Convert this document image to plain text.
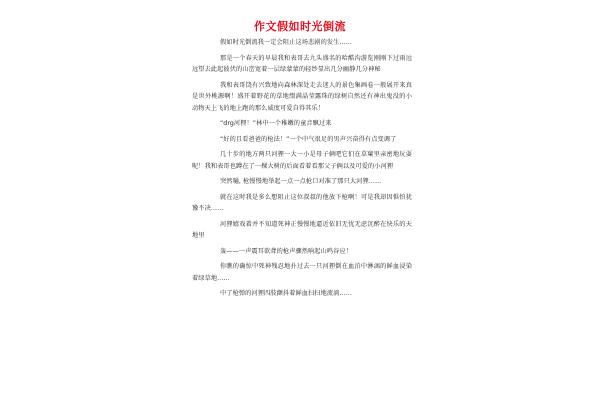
作文假如时光倒流

假如时光倒流我一定会阻止这场悲剧的发生……

那是一个春天的早晨我和表哥去九头盛名的哈酷沟游览刚刚下过雨远远望去此起彼伏的山峦宽着一层绿蒙蒙的轻纱显出几分幽静几分神秘

我和表哥饶有兴致地向森林深处走去迷人的景色集画卷一般展开来真是世外桃源啊！盛开着野花的草地缀满晶莹露珠的绿树自然还有神出鬼没的小动物天上飞的地上跑的那么威度可爱自得其乐！

“drg河狸！”林中一个稚嫩的童音飘过来

“好的且看爸爸的枪法！”一个中气很足的男声兴奋得有点变调了

几十步的地方两只河狸一大一小是母子俩吧它们在草窠里亲密地玩耍呢！我和表哥也蹲在了一棵大树的后面看着看那父子俩以及可爱的小河狸

突然嗵, 枪慢慢地举起一点一点枪口对准了那只大河狸……

就在这时我是多么想阻止这位叔叔的他放下枪啊！可是我却因惧怕犹豫不决……

河狸嬉戏着并不知道死神正慢慢地逼近依旧无忧无虑沉醉在快乐的天地里

轰——一声震耳欲聋的枪声骤然响起山鸣谷应！

你瞧的确惊中死神残忍地扑过去一只河狸倒在血泊中淋漓的鲜血浸染着绿草地……

中了枪弹的河狸四肢颤抖着鲜血扫扫地流淌……
